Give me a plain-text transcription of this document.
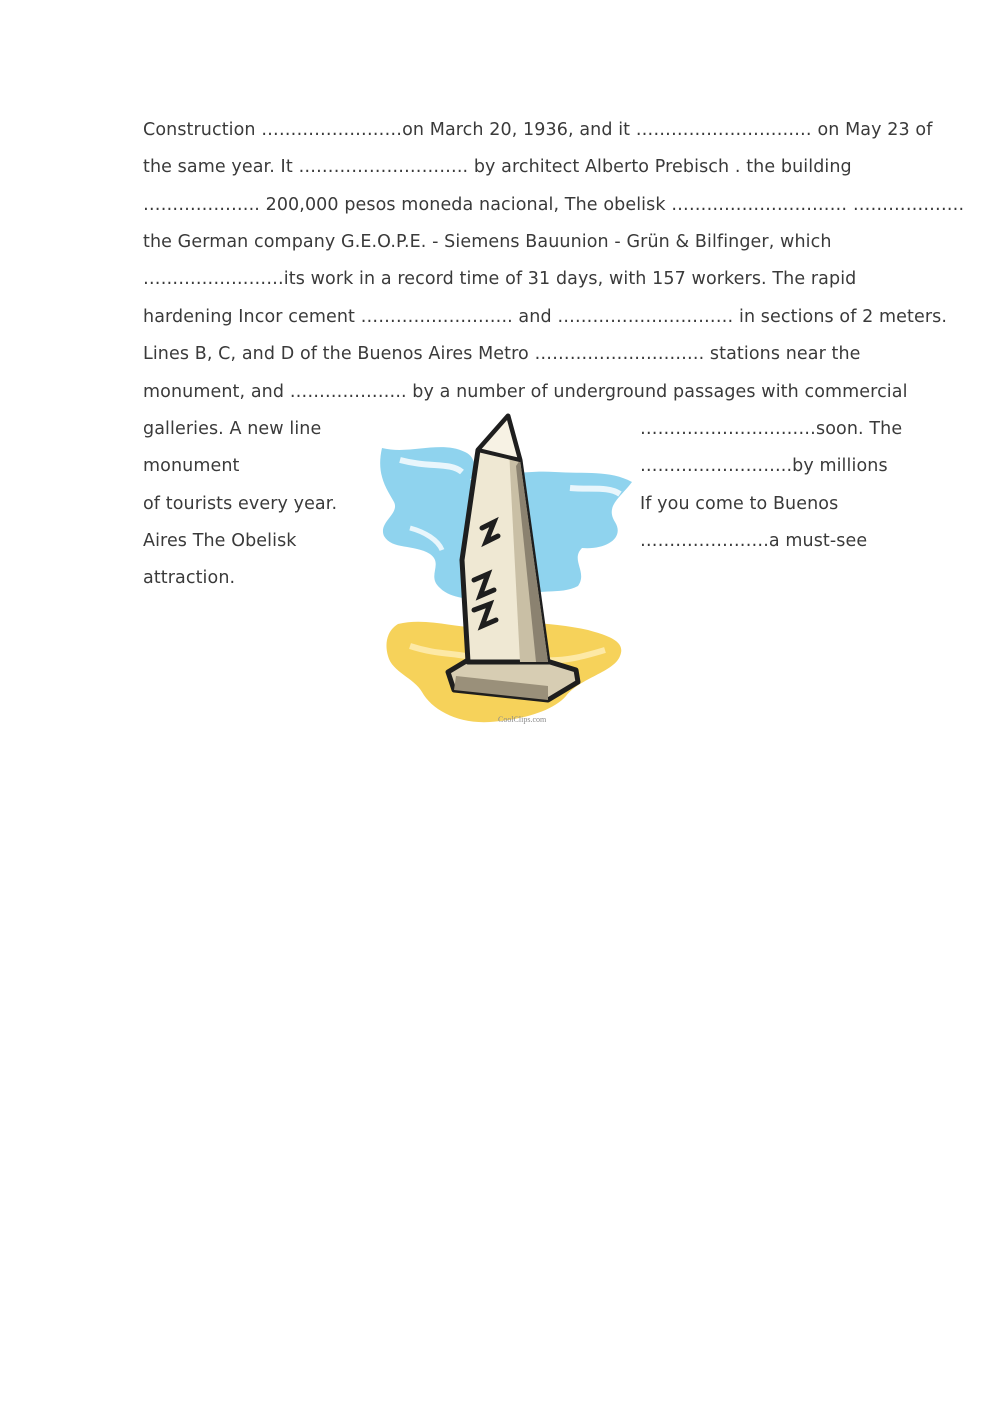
Construction ……………………on March 20, 1936, and it ………………………… on May 23 of
the same year. It ……………………….. by architect Alberto Prebisch . the building
……………….. 200,000 pesos moneda nacional, The obelisk ………………………… ……………….
the German company G.E.O.P.E. - Siemens Bauunion - Grün & Bilfinger, which
……………………its work in a record time of 31 days, with 157 workers. The rapid
hardening Incor cement …………………….. and ………………………… in sections of 2 meters.
Lines B, C, and D of the Buenos Aires Metro ……………………….. stations near the
monument, and ……………….. by a number of underground passages with commercial
galleries. A new line
monument
of tourists every year.
Aires The Obelisk
attraction.
…………………………soon. The
……………………..by millions
If you come to Buenos
………………….a must-see
CoolClips.com
